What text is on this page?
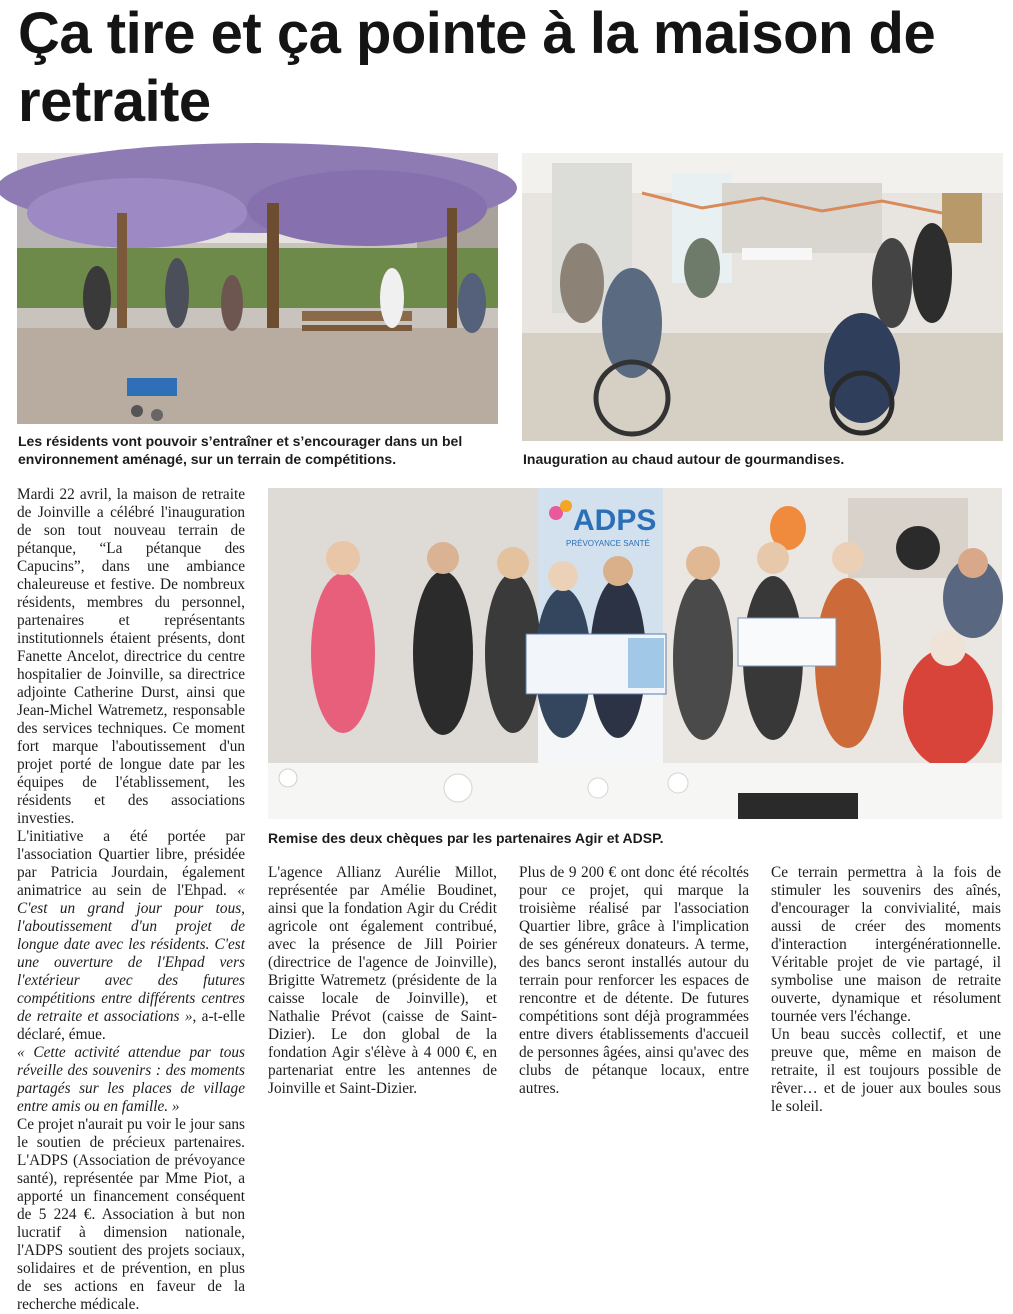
Ça tire et ça pointe à la maison de retraite

Les résidents vont pouvoir s’entraîner et s’encourager dans un bel environnement aménagé, sur un terrain de compétitions.	Inauguration au chaud autour de gourmandises.

ADPS
PRÉVOYANCE SANTÉ

Remise des deux chèques par les partenaires Agir et ADSP.

Mardi 22 avril, la maison de retraite de Joinville a célébré l'inauguration de son tout nouveau terrain de pétanque, “La pétanque des Capucins”, dans une ambiance chaleureuse et festive. De nombreux résidents, membres du personnel, partenaires et représentants institutionnels étaient présents, dont Fanette Ancelot, directrice du centre hospitalier de Joinville, sa directrice adjointe Catherine Durst, ainsi que Jean-Michel Watremetz, responsable des services techniques. Ce moment fort marque l'aboutissement d'un projet porté de longue date par les équipes de l'établissement, les résidents et des associations investies.

L'initiative a été portée par l'association Quartier libre, présidée par Patricia Jourdain, également animatrice au sein de l'Ehpad. « C'est un grand jour pour tous, l'aboutissement d'un projet de longue date avec les résidents. C'est une ouverture de l'Ehpad vers l'extérieur avec des futures compétitions entre différents centres de retraite et associations », a-t-elle déclaré, émue.

« Cette activité attendue par tous réveille des souvenirs : des moments partagés sur les places de village entre amis ou en famille. »

Ce projet n'aurait pu voir le jour sans le soutien de précieux partenaires. L'ADPS (Association de prévoyance santé), représentée par Mme Piot, a apporté un financement conséquent de 5 224 €. Association à but non lucratif à dimension nationale, l'ADPS soutient des projets sociaux, solidaires et de prévention, en plus de ses actions en faveur de la recherche médicale.

L'agence Allianz Aurélie Millot, représentée par Amélie Boudinet, ainsi que la fondation Agir du Crédit agricole ont également contribué, avec la présence de Jill Poirier (directrice de l'agence de Joinville), Brigitte Watremetz (présidente de la caisse locale de Joinville), et Nathalie Prévot (caisse de Saint-Dizier). Le don global de la fondation Agir s'élève à 4 000 €, en partenariat entre les antennes de Joinville et Saint-Dizier.

Plus de 9 200 € ont donc été récoltés pour ce projet, qui marque la troisième réalisé par l'association Quartier libre, grâce à l'implication de ses généreux donateurs. A terme, des bancs seront installés autour du terrain pour renforcer les espaces de rencontre et de détente. De futures compétitions sont déjà programmées entre divers établissements d'accueil de personnes âgées, ainsi qu'avec des clubs de pétanque locaux, entre autres.

Ce terrain permettra à la fois de stimuler les souvenirs des aînés, d'encourager la convivialité, mais aussi de créer des moments d'interaction intergénérationnelle. Véritable projet de vie partagé, il symbolise une maison de retraite ouverte, dynamique et résolument tournée vers l'échange.

Un beau succès collectif, et une preuve que, même en maison de retraite, il est toujours possible de rêver… et de jouer aux boules sous le soleil.
